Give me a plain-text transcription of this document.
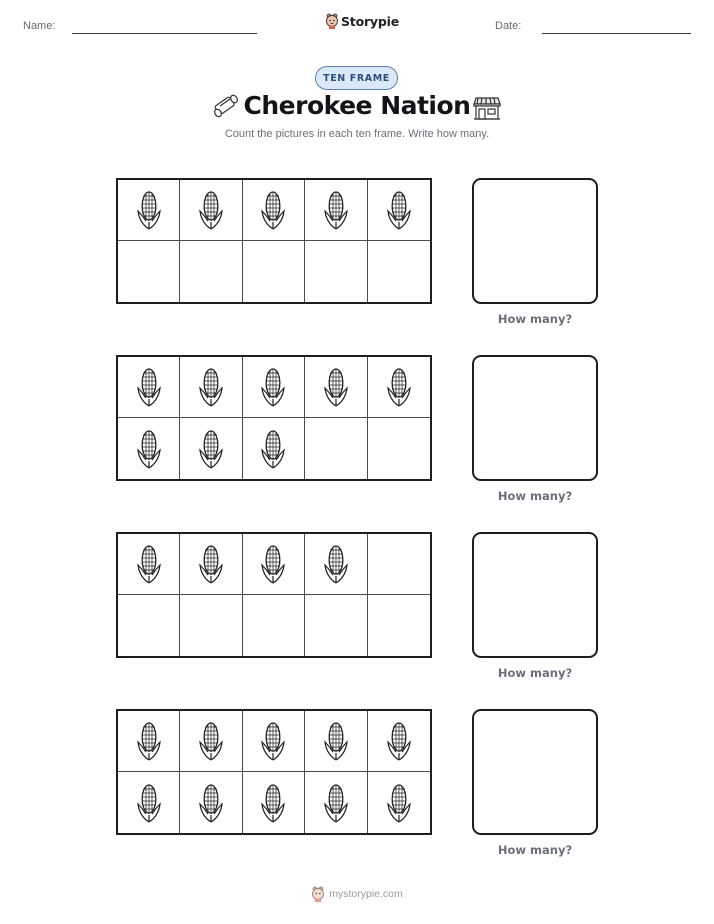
Name:	Storypie	Date:
TEN FRAME
Cherokee Nation
Count the pictures in each ten frame. Write how many.
How many?
How many?
How many?
How many?
mystorypie.com
